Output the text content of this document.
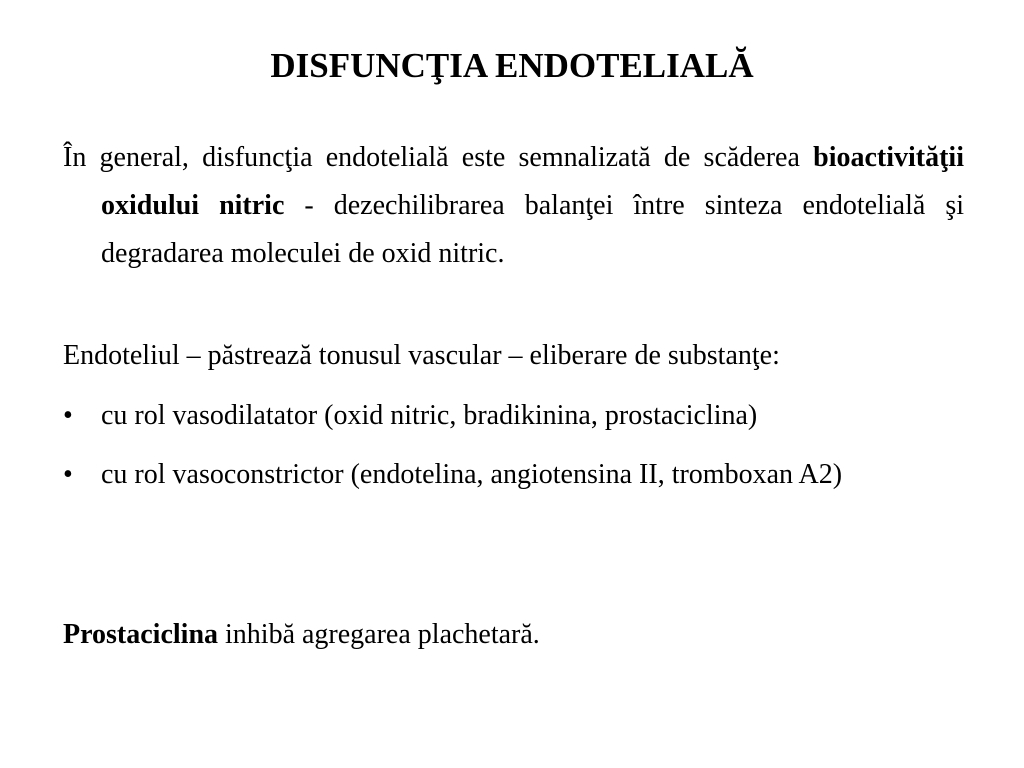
DISFUNCŢIA ENDOTELIALĂ

În general, disfuncţia endotelială este semnalizată de scăderea bioactivităţii oxidului nitric - dezechilibrarea balanţei între sinteza endotelială şi degradarea moleculei de oxid nitric.

Endoteliul – păstrează tonusul vascular – eliberare de substanţe:

•	cu rol vasodilatator (oxid nitric, bradikinina, prostaciclina)
•	cu rol vasoconstrictor (endotelina, angiotensina II, tromboxan A2)

Prostaciclina inhibă agregarea plachetară.
